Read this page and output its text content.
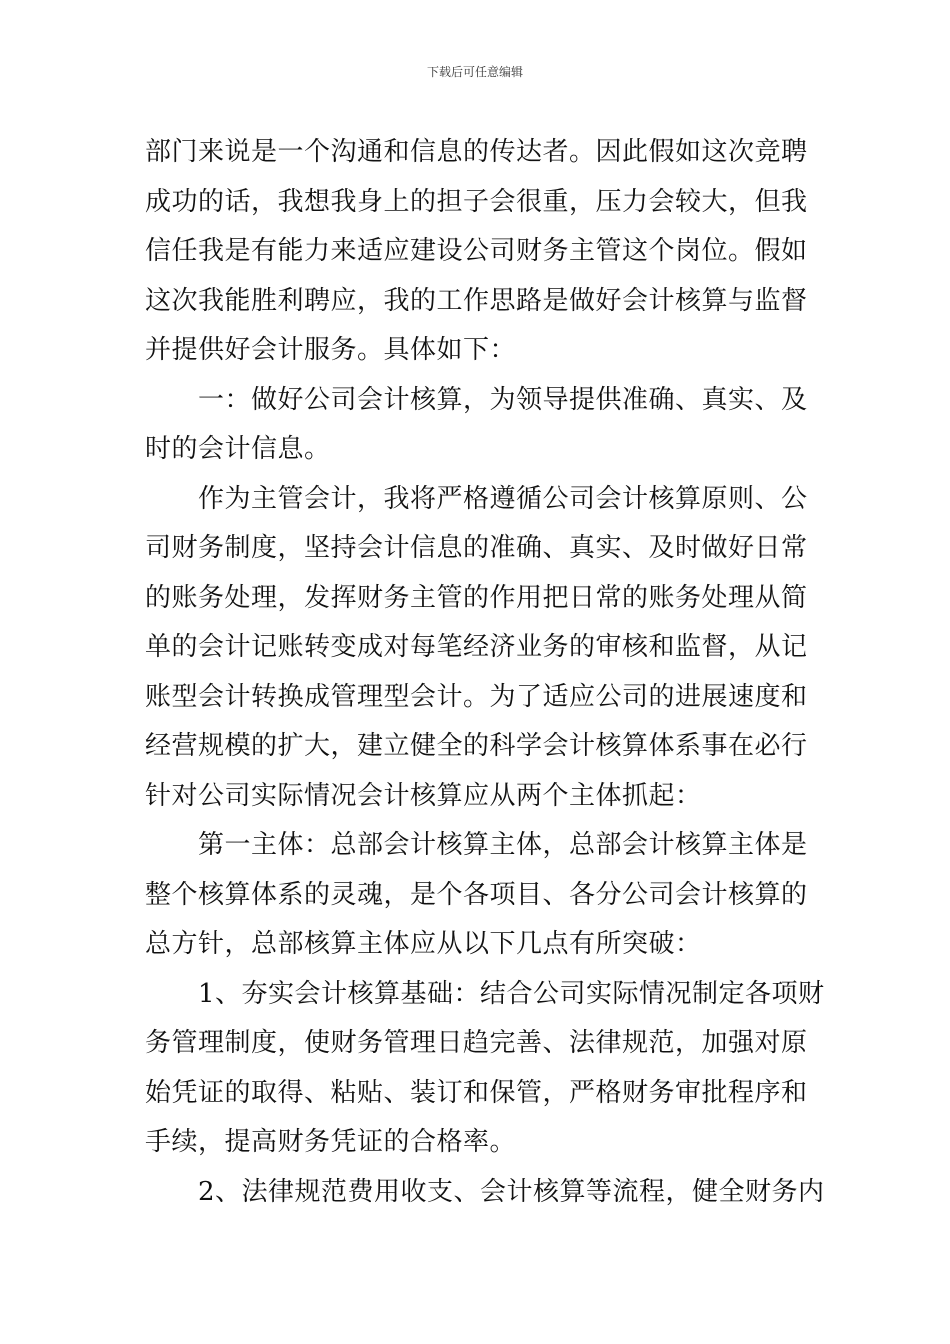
下载后可任意编辑
部门来说是一个沟通和信息的传达者。因此假如这次竞聘
成功的话，我想我身上的担子会很重，压力会较大，但我
信任我是有能力来适应建设公司财务主管这个岗位。假如
这次我能胜利聘应，我的工作思路是做好会计核算与监督
并提供好会计服务。具体如下：
　　一：做好公司会计核算，为领导提供准确、真实、及
时的会计信息。
　　作为主管会计，我将严格遵循公司会计核算原则、公
司财务制度，坚持会计信息的准确、真实、及时做好日常
的账务处理，发挥财务主管的作用把日常的账务处理从简
单的会计记账转变成对每笔经济业务的审核和监督，从记
账型会计转换成管理型会计。为了适应公司的进展速度和
经营规模的扩大，建立健全的科学会计核算体系事在必行
针对公司实际情况会计核算应从两个主体抓起：
　　第一主体：总部会计核算主体，总部会计核算主体是
整个核算体系的灵魂，是个各项目、各分公司会计核算的
总方针，总部核算主体应从以下几点有所突破：
　　1、夯实会计核算基础：结合公司实际情况制定各项财
务管理制度，使财务管理日趋完善、法律规范，加强对原
始凭证的取得、粘贴、装订和保管，严格财务审批程序和
手续，提高财务凭证的合格率。
　　2、法律规范费用收支、会计核算等流程，健全财务内
